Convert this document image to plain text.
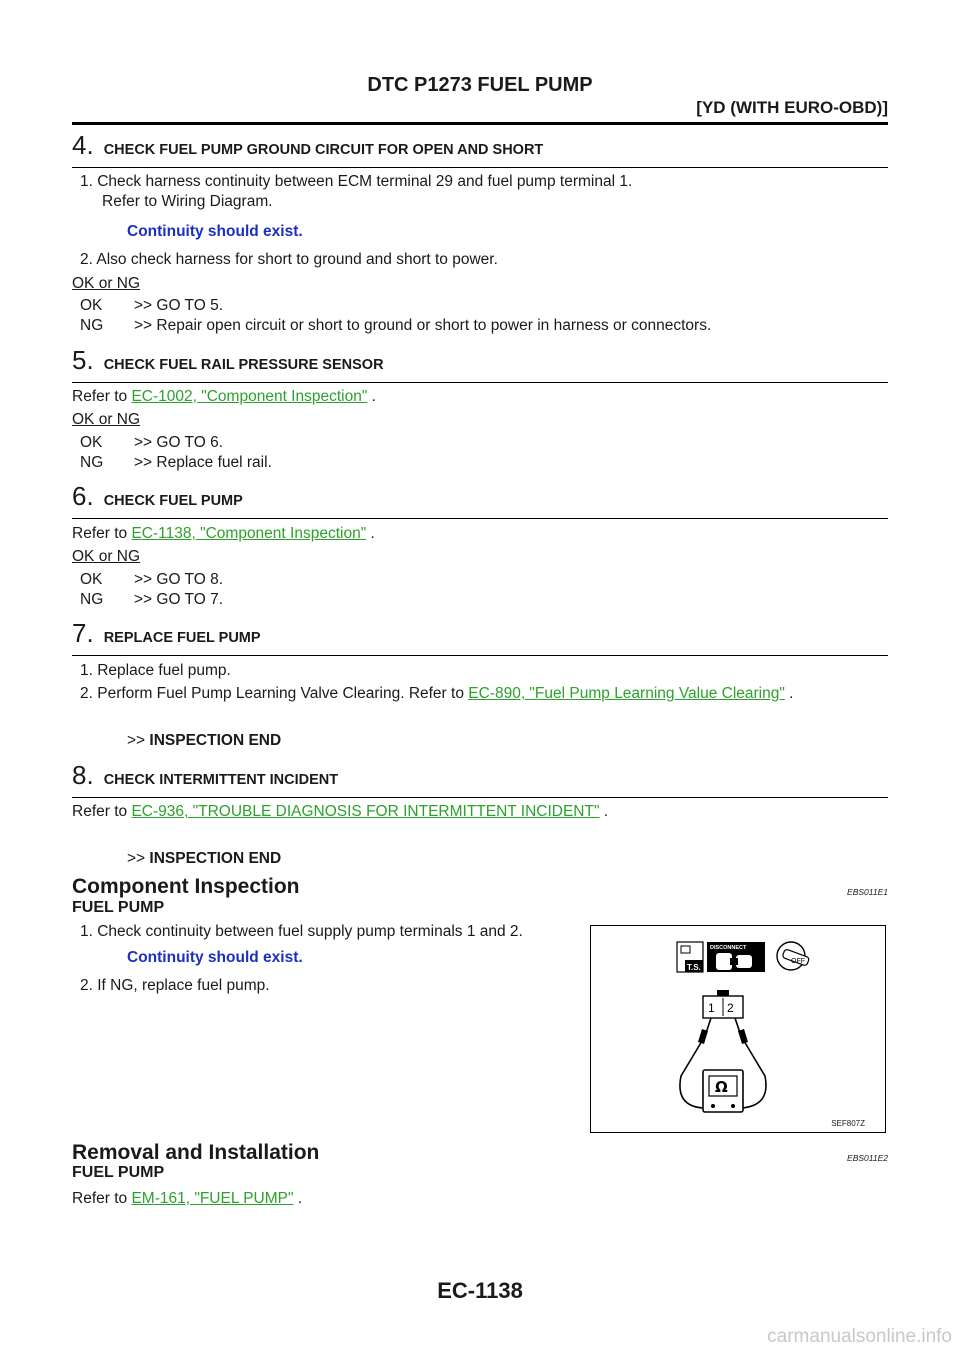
DTC P1273 FUEL PUMP
[YD (WITH EURO-OBD)]
4 . CHECK FUEL PUMP GROUND CIRCUIT FOR OPEN AND SHORT
1. Check harness continuity between ECM terminal 29 and fuel pump terminal 1.
Refer to Wiring Diagram.
Continuity should exist.
2. Also check harness for short to ground and short to power.
OK or NG
OK >> GO TO 5.
NG >> Repair open circuit or short to ground or short to power in harness or connectors.
5 . CHECK FUEL RAIL PRESSURE SENSOR
Refer to EC-1002, "Component Inspection" .
OK or NG
OK >> GO TO 6.
NG >> Replace fuel rail.
6 . CHECK FUEL PUMP
Refer to EC-1138, "Component Inspection" .
OK or NG
OK >> GO TO 8.
NG >> GO TO 7.
7 . REPLACE FUEL PUMP
1. Replace fuel pump.
2. Perform Fuel Pump Learning Valve Clearing. Refer to EC-890, "Fuel Pump Learning Value Clearing" .
>> INSPECTION END
8 . CHECK INTERMITTENT INCIDENT
Refer to EC-936, "TROUBLE DIAGNOSIS FOR INTERMITTENT INCIDENT" .
>> INSPECTION END
Component Inspection	EBS011E1
FUEL PUMP
1. Check continuity between fuel supply pump terminals 1 and 2.
Continuity should exist.
2. If NG, replace fuel pump.
T.S.
DISCONNECT
OFF
1 2
Ω
SEF807Z
Removal and Installation	EBS011E2
FUEL PUMP
Refer to EM-161, "FUEL PUMP" .
EC-1138
carmanualsonline.info
